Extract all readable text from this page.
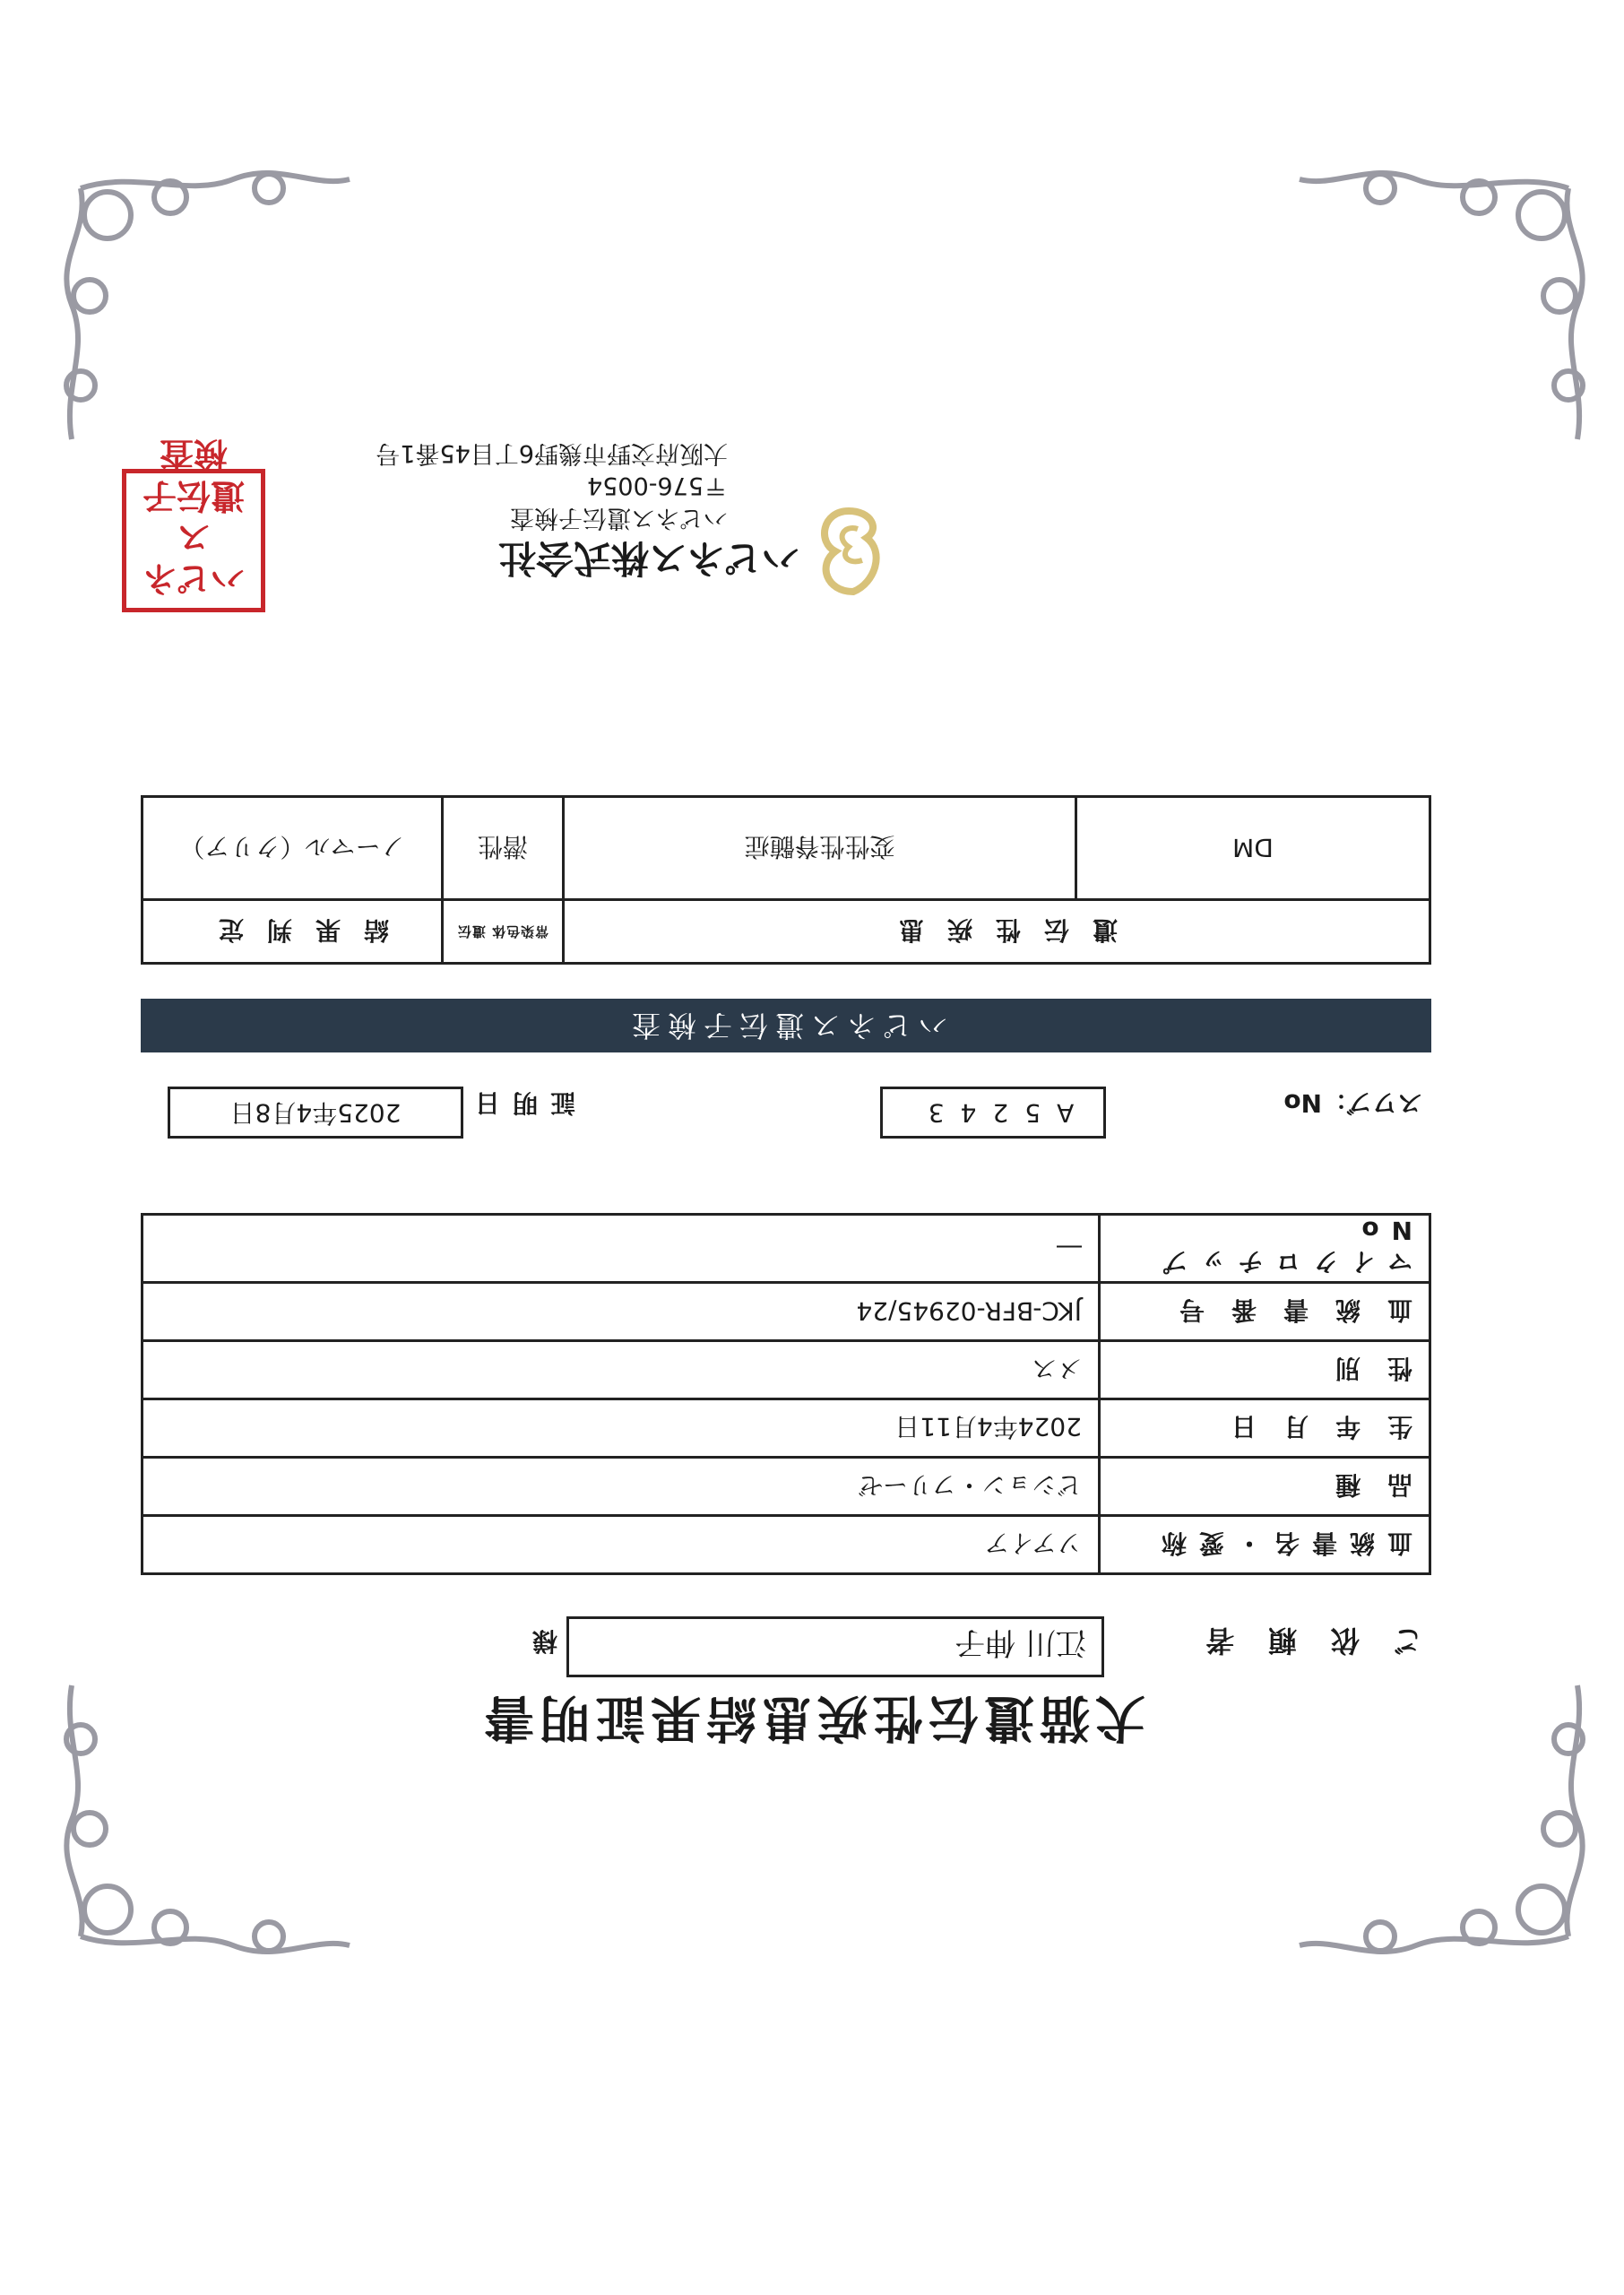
犬猫遺伝性疾患結果証明書
ご依頼者
江川 伸子
様
血統書名・愛称	ソアイア
品種	ビション・フリーゼ
生年月日	2024年4月11日
性別	メス
血統書番号	JKC-BFR-02945/24
マイクロチップNo	―
スワブ：No
A5243
証明日
2025年4月8日
ハピネス遺伝子検査
遺伝性疾患		常染色体 遺伝	結果判定
DM	変性性脊髄症	潜性	ノーマル（クリア）
ハピネス株式会社
ハピネス遺伝子検査
〒576-0054
大阪府交野市幾野6丁目45番1号
ハピネス
遺伝子
検査
